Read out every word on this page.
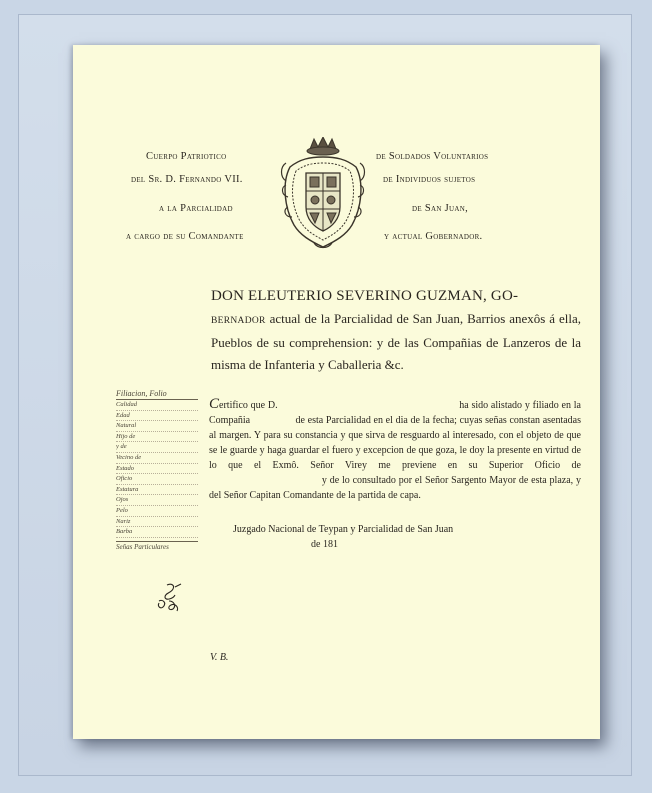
Cuerpo Patriotico
del Sr. D. Fernando VII.
a la Parcialidad
a cargo de su Comandante
de Soldados Voluntarios
de Individuos sujetos
de San Juan,
y actual Gobernador.
DON ELEUTERIO SEVERINO GUZMAN, GO-
BERNADOR actual de la Parcialidad de San Juan, Barrios anexôs á ella, Pueblos de su comprehension: y de las Compañias de Lanzeros de la misma de Infanteria y Caballeria &c.
Filiacion, Folio
Calidad
Edad
Natural
Hijo de
y de
Vecino de
Estado
Oficio
Estatura
Ojos
Pelo
Nariz
Barba
Señas Particulares
Certifico que D.	ha sido alistado y filiado en la Compañia	de esta Parcialidad en el dia de la fecha; cuyas señas constan asentadas al margen. Y para su constancia y que sirva de resguardo al interesado, con el objeto de que se le guarde y haga guardar el fuero y excepcion de que goza, le doy la presente en virtud de lo que el Exmô. Señor Virey me previene en su Superior Oficio de  y de lo consultado por el Señor Sargento Mayor de esta plaza, y del Señor Capitan Comandante de la partida de capa.
Juzgado Nacional de Teypan y Parcialidad de San Juan
de 181
V. B.
